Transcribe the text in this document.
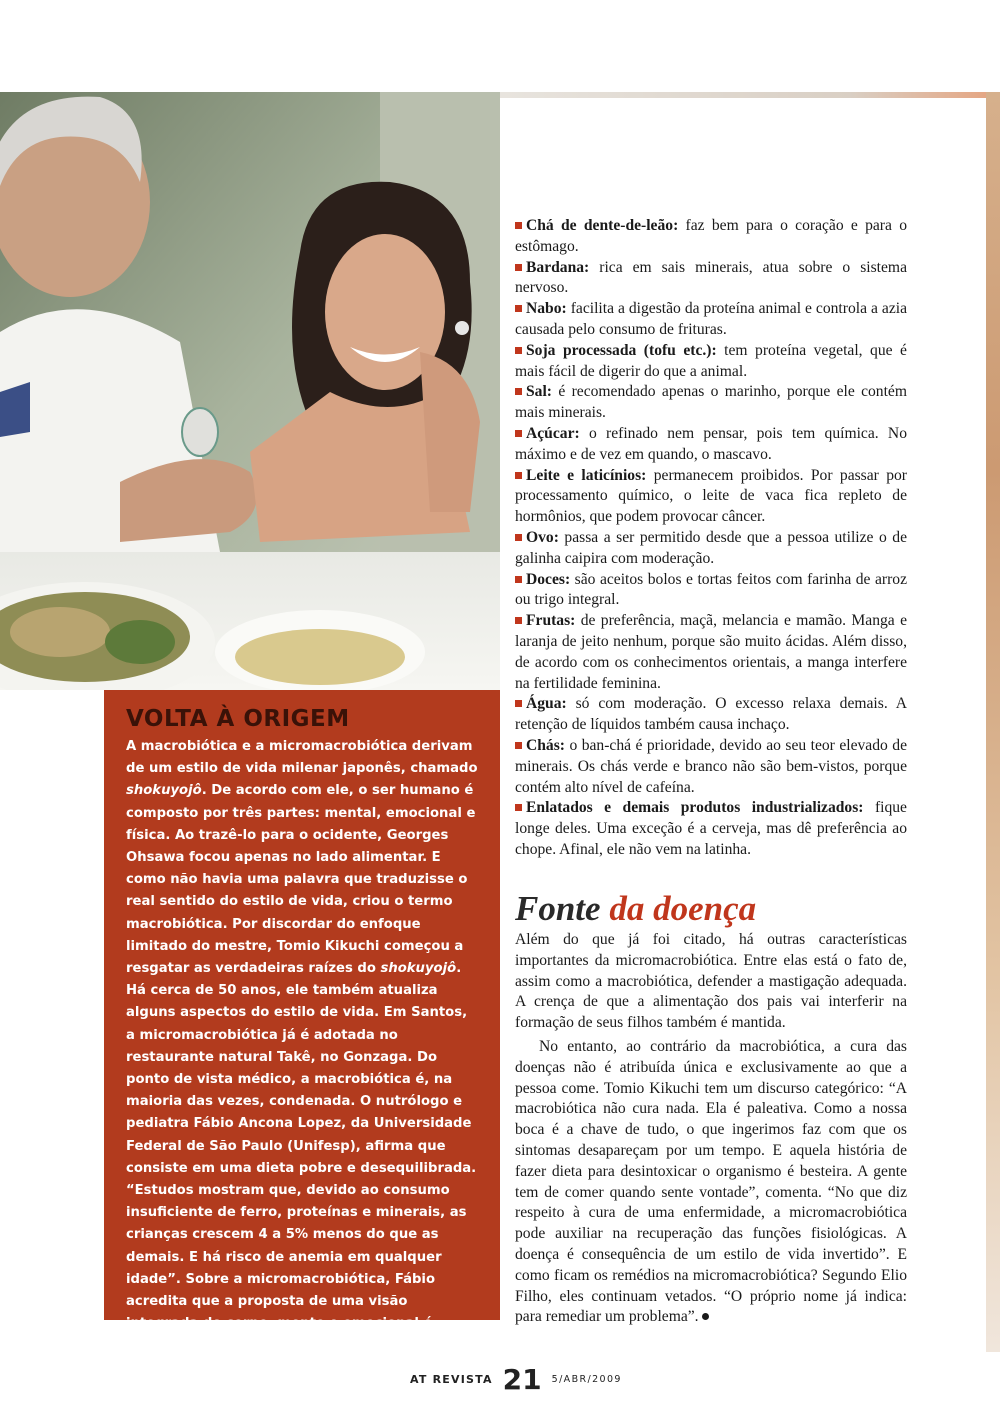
VOLTA À ORIGEM

A macrobiótica e a micromacrobiótica derivam de um estilo de vida milenar japonês, chamado shokuyojô. De acordo com ele, o ser humano é composto por três partes: mental, emocional e física. Ao trazê-lo para o ocidente, Georges Ohsawa focou apenas no lado alimentar. E como não havia uma palavra que traduzisse o real sentido do estilo de vida, criou o termo macrobiótica. Por discordar do enfoque limitado do mestre, Tomio Kikuchi começou a resgatar as verdadeiras raízes do shokuyojô. Há cerca de 50 anos, ele também atualiza alguns aspectos do estilo de vida. Em Santos, a micromacrobiótica já é adotada no restaurante natural Takê, no Gonzaga. Do ponto de vista médico, a macrobiótica é, na maioria das vezes, condenada. O nutrólogo e pediatra Fábio Ancona Lopez, da Universidade Federal de São Paulo (Unifesp), afirma que consiste em uma dieta pobre e desequilibrada. “Estudos mostram que, devido ao consumo insuficiente de ferro, proteínas e minerais, as crianças crescem 4 a 5% menos do que as demais. E há risco de anemia em qualquer idade”. Sobre a micromacrobiótica, Fábio acredita que a proposta de uma visão integrada do corpo, mente e emocional é positiva. Mas, mesmo assim, é preciso ficar de olho na questão nutricional. “Uma dieta balanceada tem 50% de carboidratos e o resto de proteínas e gorduras”.

Chá de dente-de-leão: faz bem para o coração e para o estômago.

Bardana: rica em sais minerais, atua sobre o sistema nervoso.

Nabo: facilita a digestão da proteína animal e controla a azia causada pelo consumo de frituras.

Soja processada (tofu etc.): tem proteína vegetal, que é mais fácil de digerir do que a animal.

Sal: é recomendado apenas o marinho, porque ele contém mais minerais.

Açúcar: o refinado nem pensar, pois tem química. No máximo e de vez em quando, o mascavo.

Leite e laticínios: permanecem proibidos. Por passar por processamento químico, o leite de vaca fica repleto de hormônios, que podem provocar câncer.

Ovo: passa a ser permitido desde que a pessoa utilize o de galinha caipira com moderação.

Doces: são aceitos bolos e tortas feitos com farinha de arroz ou trigo integral.

Frutas: de preferência, maçã, melancia e mamão. Manga e laranja de jeito nenhum, porque são muito ácidas. Além disso, de acordo com os conhecimentos orientais, a manga interfere na fertilidade feminina.

Água: só com moderação. O excesso relaxa demais. A retenção de líquidos também causa inchaço.

Chás: o ban-chá é prioridade, devido ao seu teor elevado de minerais. Os chás verde e branco não são bem-vistos, porque contém alto nível de cafeína.

Enlatados e demais produtos industrializados: fique longe deles. Uma exceção é a cerveja, mas dê preferência ao chope. Afinal, ele não vem na latinha.

Fonte da doença

Além do que já foi citado, há outras características importantes da micromacrobiótica. Entre elas está o fato de, assim como a macrobiótica, defender a mastigação adequada. A crença de que a alimentação dos pais vai interferir na formação de seus filhos também é mantida.

No entanto, ao contrário da macrobiótica, a cura das doenças não é atribuída única e exclusivamente ao que a pessoa come. Tomio Kikuchi tem um discurso categórico: “A macrobiótica não cura nada. Ela é paleativa. Como a nossa boca é a chave de tudo, o que ingerimos faz com que os sintomas desapareçam por um tempo. E aquela história de fazer dieta para desintoxicar o organismo é besteira. A gente tem de comer quando sente vontade”, comenta. “No que diz respeito à cura de uma enfermidade, a micromacrobiótica pode auxiliar na recuperação das funções fisiológicas. A doença é consequência de um estilo de vida invertido”. E como ficam os remédios na micromacrobiótica? Segundo Elio Filho, eles continuam vetados. “O próprio nome já indica: para remediar um problema”.

AT REVISTA 21 5/ABR/2009
